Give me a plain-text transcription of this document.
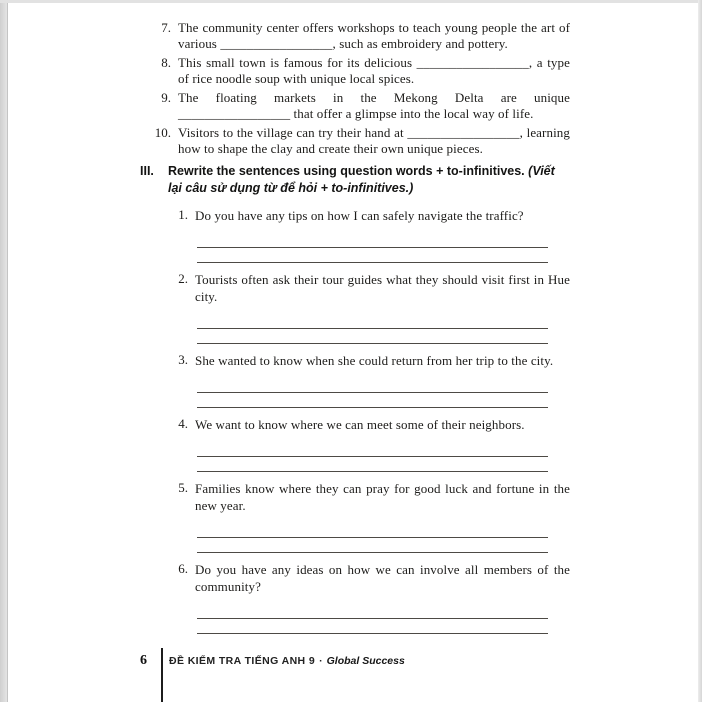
7. The community center offers workshops to teach young people the art of various _________________, such as embroidery and pottery.
8. This small town is famous for its delicious _________________, a type of rice noodle soup with unique local spices.
9. The floating markets in the Mekong Delta are unique _________________ that offer a glimpse into the local way of life.
10. Visitors to the village can try their hand at _________________, learning how to shape the clay and create their own unique pieces.
III.	Rewrite the sentences using question words + to-infinitives. (Viết lại câu sử dụng từ để hỏi + to-infinitives.)
1. Do you have any tips on how I can safely navigate the traffic?
2. Tourists often ask their tour guides what they should visit first in Hue city.
3. She wanted to know when she could return from her trip to the city.
4. We want to know where we can meet some of their neighbors.
5. Families know where they can pray for good luck and fortune in the new year.
6. Do you have any ideas on how we can involve all members of the community?
6 ĐỀ KIỂM TRA TIẾNG ANH 9 · Global Success
